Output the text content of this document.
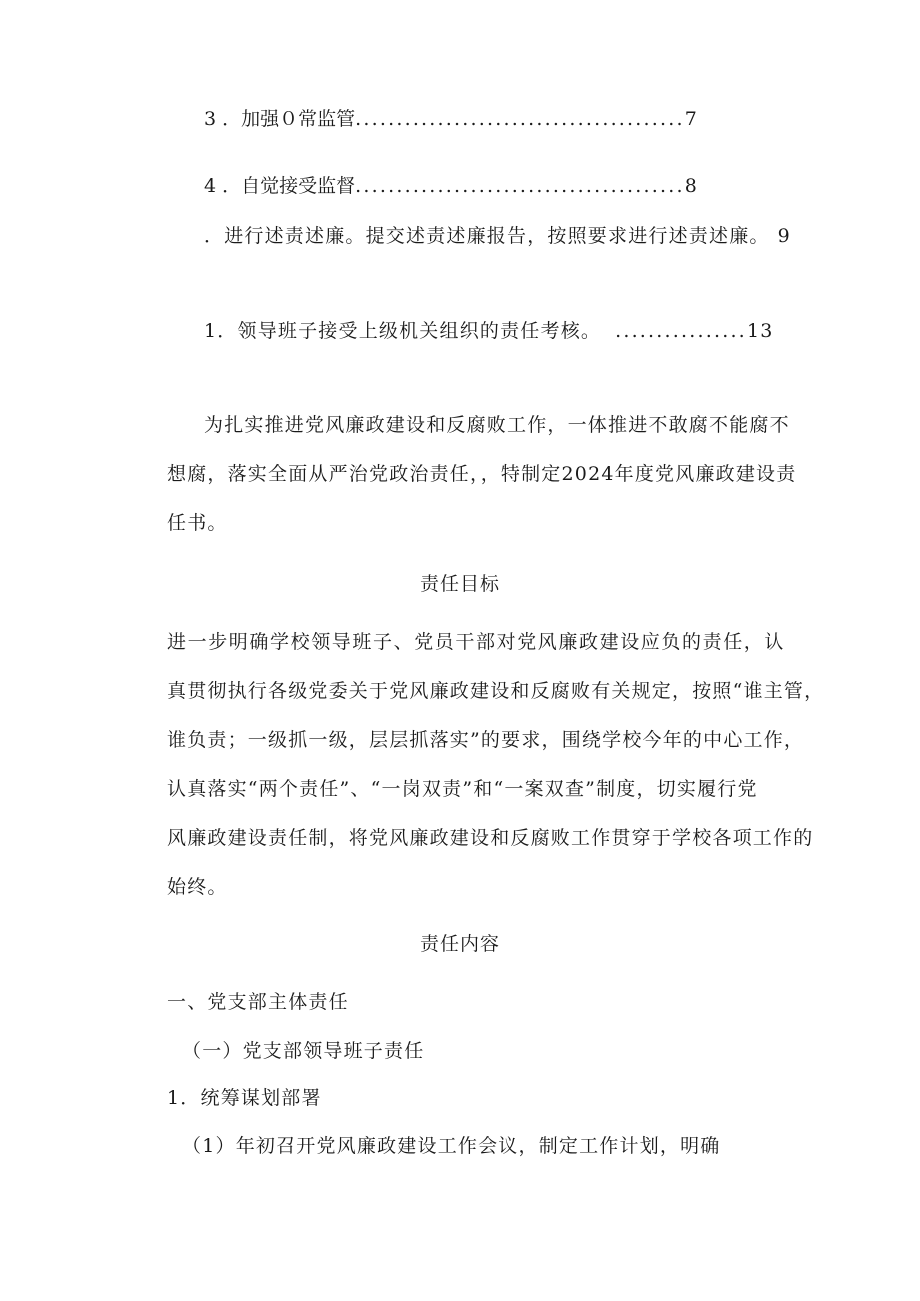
3 ．加强０常监管 ........................................ 7
4 ．自觉接受监督 ........................................ 8
．进行述责述廉。提交述责述廉报告，按照要求进行述责述廉。 9
1．领导班子接受上级机关组织的责任考核。 ................ 13
为扎实推进党风廉政建设和反腐败工作，一体推进不敢腐不能腐不
想腐，落实全面从严治党政治责任，，特制定2024年度党风廉政建设责
任书。
责任目标
进一步明确学校领导班子、党员干部对党风廉政建设应负的责任，认
真贯彻执行各级党委关于党风廉政建设和反腐败有关规定，按照“谁主管，
谁负责；一级抓一级，层层抓落实”的要求，围绕学校今年的中心工作，
认真落实“两个责任”、“一岗双责”和“一案双查”制度，切实履行党
风廉政建设责任制，将党风廉政建设和反腐败工作贯穿于学校各项工作的
始终。
责任内容
一、党支部主体责任
（一）党支部领导班子责任
1．统筹谋划部署
（1）年初召开党风廉政建设工作会议，制定工作计划，明确
